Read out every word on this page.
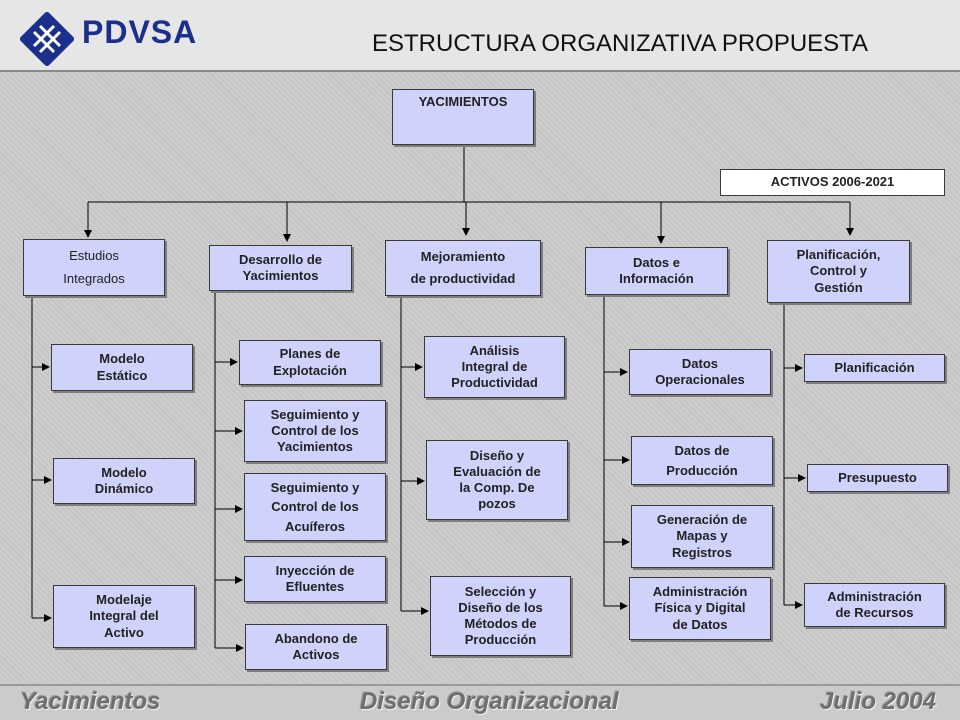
PDVSA	ESTRUCTURA ORGANIZATIVA PROPUESTA
YACIMIENTOS
ACTIVOS 2006-2021
Estudios
Integrados
Desarrollo de
Yacimientos
Mejoramiento
de productividad
Datos e
Información
Planificación,
Control y
Gestión
Modelo
Estático
Modelo
Dinámico
Modelaje
Integral del
Activo
Planes de
Explotación
Seguimiento y
Control de los
Yacimientos
Seguimiento y
Control de los
Acuíferos
Inyección de
Efluentes
Abandono de
Activos
Análisis
Integral de
Productividad
Diseño y
Evaluación de
la Comp. De
pozos
Selección y
Diseño de los
Métodos de
Producción
Datos
Operacionales
Datos de
Producción
Generación de
Mapas y
Registros
Administración
Física y Digital
de Datos
Planificación
Presupuesto
Administración
de Recursos
Yacimientos	Diseño Organizacional	Julio 2004
